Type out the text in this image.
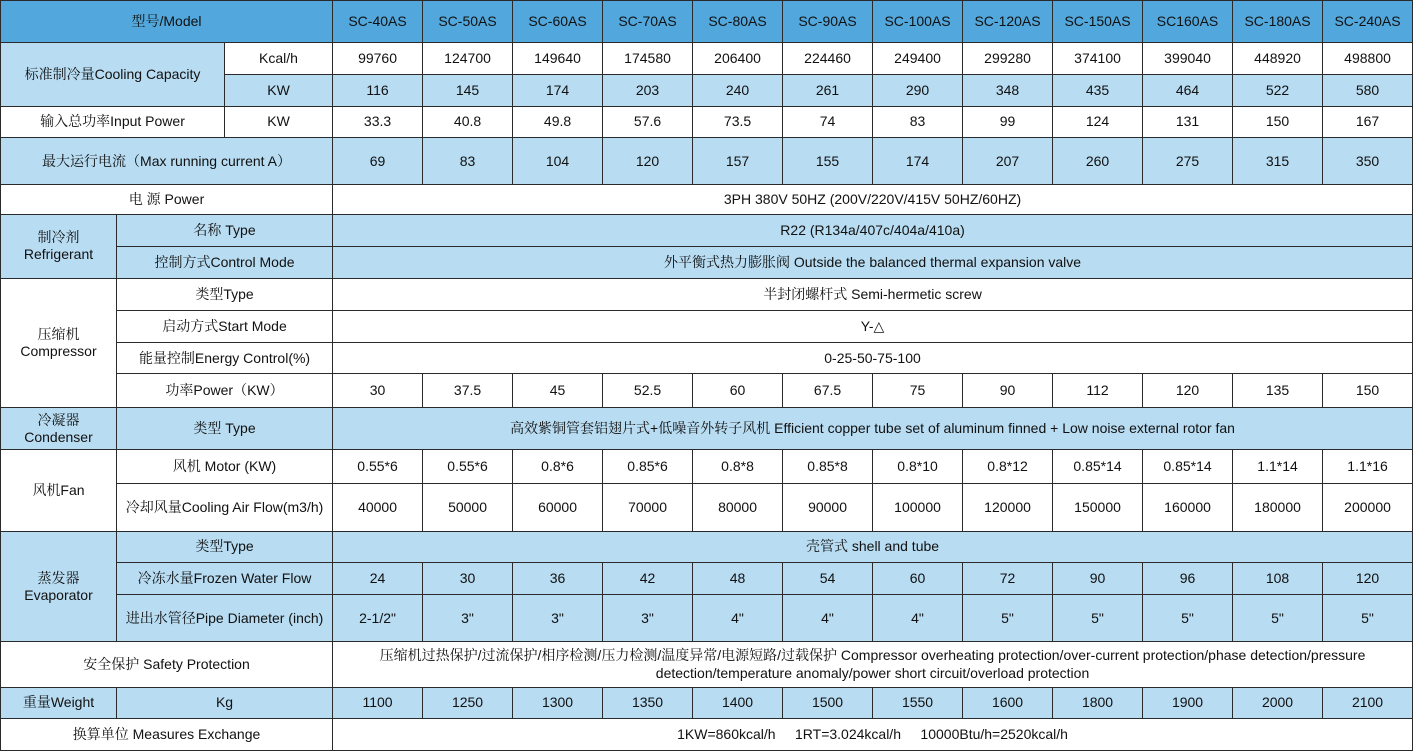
型号/Model			SC-40AS	SC-50AS	SC-60AS	SC-70AS	SC-80AS	SC-90AS	SC-100AS	SC-120AS	SC-150AS	SC160AS	SC-180AS	SC-240AS
标准制冷量Cooling Capacity		Kcal/h	99760	124700	149640	174580	206400	224460	249400	299280	374100	399040	448920	498800
		KW	116	145	174	203	240	261	290	348	435	464	522	580
输入总功率Input Power		KW	33.3	40.8	49.8	57.6	73.5	74	83	99	124	131	150	167
最大运行电流（Max running current A）			69	83	104	120	157	155	174	207	260	275	315	350
电 源 Power			3PH 380V 50HZ (200V/220V/415V 50HZ/60HZ)											
制冷剂 Refrigerant	名称 Type		R22 (R134a/407c/404a/410a)											
	控制方式Control Mode		外平衡式热力膨胀阀 Outside the balanced thermal expansion valve											
压缩机 Compressor	类型Type		半封闭螺杆式 Semi-hermetic screw											
	启动方式Start Mode		Y-△											
	能量控制Energy Control(%)		0-25-50-75-100											
	功率Power（KW）		30	37.5	45	52.5	60	67.5	75	90	112	120	135	150
冷凝器 Condenser	类型 Type		高效紫铜管套铝翅片式+低噪音外转子风机 Efficient copper tube set of aluminum finned + Low noise external rotor fan											
风机Fan	风机 Motor (KW)		0.55*6	0.55*6	0.8*6	0.85*6	0.8*8	0.85*8	0.8*10	0.8*12	0.85*14	0.85*14	1.1*14	1.1*16
	冷却风量Cooling Air Flow(m3/h)		40000	50000	60000	70000	80000	90000	100000	120000	150000	160000	180000	200000
蒸发器 Evaporator	类型Type		壳管式 shell and tube											
	冷冻水量Frozen Water Flow		24	30	36	42	48	54	60	72	90	96	108	120
	进出水管径Pipe Diameter (inch)		2-1/2"	3"	3"	3"	4"	4"	4"	5"	5"	5"	5"	5"
安全保护 Safety Protection			压缩机过热保护/过流保护/相序检测/压力检测/温度异常/电源短路/过载保护 Compressor overheating protection/over-current protection/phase detection/pressure detection/temperature anomaly/power short circuit/overload protection											
重量Weight	Kg		1100	1250	1300	1350	1400	1500	1550	1600	1800	1900	2000	2100
换算单位 Measures Exchange			1KW=860kcal/h     1RT=3.024kcal/h     10000Btu/h=2520kcal/h											
